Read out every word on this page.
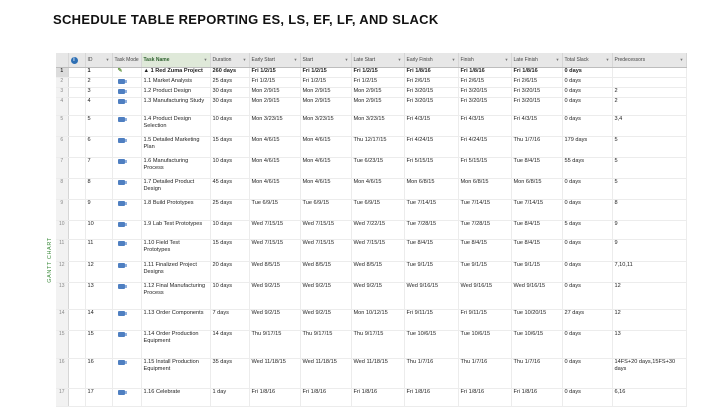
SCHEDULE TABLE REPORTING ES, LS, EF, LF, AND SLACK
GANTT CHART
	i	ID ▼	Task Mode	Task Name ▼	Duration ▼	Early Start ▼	Start ▼	Late Start ▼	Early Finish ▼	Finish ▼	Late Finish ▼	Total Slack ▼	Predecessors ▼

1		1	✎	▲ 1 Red Zuma Project	260 days	Fri 1/2/15	Fri 1/2/15	Fri 1/2/15	Fri 1/8/16	Fri 1/8/16	Fri 1/8/16	0 days	
2		2		1.1 Market Analysis	25 days	Fri 1/2/15	Fri 1/2/15	Fri 1/2/15	Fri 2/6/15	Fri 2/6/15	Fri 2/6/15	0 days	
3		3		1.2 Product Design	30 days	Mon 2/9/15	Mon 2/9/15	Mon 2/9/15	Fri 3/20/15	Fri 3/20/15	Fri 3/20/15	0 days	2
4		4		1.3 Manufacturing Study	30 days	Mon 2/9/15	Mon 2/9/15	Mon 2/9/15	Fri 3/20/15	Fri 3/20/15	Fri 3/20/15	0 days	2
5		5		1.4 Product Design Selection	10 days	Mon 3/23/15	Mon 3/23/15	Mon 3/23/15	Fri 4/3/15	Fri 4/3/15	Fri 4/3/15	0 days	3,4
6		6		1.5 Detailed Marketing Plan	15 days	Mon 4/6/15	Mon 4/6/15	Thu 12/17/15	Fri 4/24/15	Fri 4/24/15	Thu 1/7/16	179 days	5
7		7		1.6 Manufacturing Process	10 days	Mon 4/6/15	Mon 4/6/15	Tue 6/23/15	Fri 5/15/15	Fri 5/15/15	Tue 8/4/15	55 days	5
8		8		1.7 Detailed Product Design	45 days	Mon 4/6/15	Mon 4/6/15	Mon 4/6/15	Mon 6/8/15	Mon 6/8/15	Mon 6/8/15	0 days	5
9		9		1.8 Build Prototypes	25 days	Tue 6/9/15	Tue 6/9/15	Tue 6/9/15	Tue 7/14/15	Tue 7/14/15	Tue 7/14/15	0 days	8
10		10		1.9 Lab Test Prototypes	10 days	Wed 7/15/15	Wed 7/15/15	Wed 7/22/15	Tue 7/28/15	Tue 7/28/15	Tue 8/4/15	5 days	9
11		11		1.10 Field Test Prototypes	15 days	Wed 7/15/15	Wed 7/15/15	Wed 7/15/15	Tue 8/4/15	Tue 8/4/15	Tue 8/4/15	0 days	9
12		12		1.11 Finalized Project Designs	20 days	Wed 8/5/15	Wed 8/5/15	Wed 8/5/15	Tue 9/1/15	Tue 9/1/15	Tue 9/1/15	0 days	7,10,11
13		13		1.12 Final Manufacturing Process	10 days	Wed 9/2/15	Wed 9/2/15	Wed 9/2/15	Wed 9/16/15	Wed 9/16/15	Wed 9/16/15	0 days	12
14		14		1.13 Order Components	7 days	Wed 9/2/15	Wed 9/2/15	Mon 10/12/15	Fri 9/11/15	Fri 9/11/15	Tue 10/20/15	27 days	12
15		15		1.14 Order Production Equipment	14 days	Thu 9/17/15	Thu 9/17/15	Thu 9/17/15	Tue 10/6/15	Tue 10/6/15	Tue 10/6/15	0 days	13
16		16		1.15 Install Production Equipment	35 days	Wed 11/18/15	Wed 11/18/15	Wed 11/18/15	Thu 1/7/16	Thu 1/7/16	Thu 1/7/16	0 days	14FS+20 days,15FS+30 days
17		17		1.16 Celebrate	1 day	Fri 1/8/16	Fri 1/8/16	Fri 1/8/16	Fri 1/8/16	Fri 1/8/16	Fri 1/8/16	0 days	6,16
